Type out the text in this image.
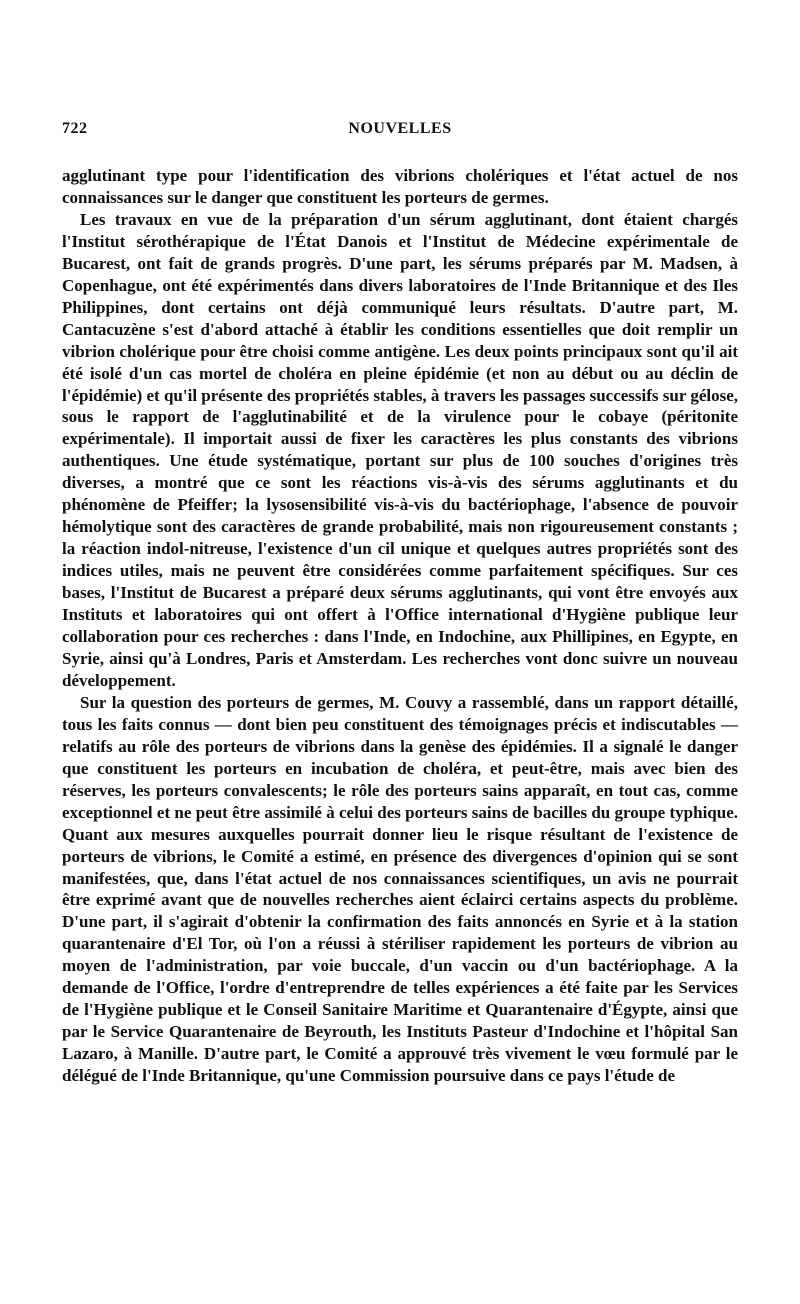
722	NOUVELLES

agglutinant type pour l'identification des vibrions cholériques et l'état actuel de nos connaissances sur le danger que constituent les porteurs de germes.

Les travaux en vue de la préparation d'un sérum agglutinant, dont étaient chargés l'Institut sérothérapique de l'État Danois et l'Institut de Médecine expérimentale de Bucarest, ont fait de grands progrès. D'une part, les sérums préparés par M. Madsen, à Copenhague, ont été expérimentés dans divers laboratoires de l'Inde Britannique et des Iles Philippines, dont certains ont déjà communiqué leurs résultats. D'autre part, M. Cantacuzène s'est d'abord attaché à établir les conditions essentielles que doit remplir un vibrion cholérique pour être choisi comme antigène. Les deux points principaux sont qu'il ait été isolé d'un cas mortel de choléra en pleine épidémie (et non au début ou au déclin de l'épidémie) et qu'il présente des propriétés stables, à travers les passages successifs sur gélose, sous le rapport de l'agglutinabilité et de la virulence pour le cobaye (péritonite expérimentale). Il importait aussi de fixer les caractères les plus constants des vibrions authentiques. Une étude systématique, portant sur plus de 100 souches d'origines très diverses, a montré que ce sont les réactions vis-à-vis des sérums agglutinants et du phénomène de Pfeiffer; la lysosensibilité vis-à-vis du bactériophage, l'absence de pouvoir hémolytique sont des caractères de grande probabilité, mais non rigoureusement constants ; la réaction indol-nitreuse, l'existence d'un cil unique et quelques autres propriétés sont des indices utiles, mais ne peuvent être considérées comme parfaitement spécifiques. Sur ces bases, l'Institut de Bucarest a préparé deux sérums agglutinants, qui vont être envoyés aux Instituts et laboratoires qui ont offert à l'Office international d'Hygiène publique leur collaboration pour ces recherches : dans l'Inde, en Indochine, aux Phillipines, en Egypte, en Syrie, ainsi qu'à Londres, Paris et Amsterdam. Les recherches vont donc suivre un nouveau développement.

Sur la question des porteurs de germes, M. Couvy a rassemblé, dans un rapport détaillé, tous les faits connus — dont bien peu constituent des témoignages précis et indiscutables — relatifs au rôle des porteurs de vibrions dans la genèse des épidémies. Il a signalé le danger que constituent les porteurs en incubation de choléra, et peut-être, mais avec bien des réserves, les porteurs convalescents; le rôle des porteurs sains apparaît, en tout cas, comme exceptionnel et ne peut être assimilé à celui des porteurs sains de bacilles du groupe typhique. Quant aux mesures auxquelles pourrait donner lieu le risque résultant de l'existence de porteurs de vibrions, le Comité a estimé, en présence des divergences d'opinion qui se sont manifestées, que, dans l'état actuel de nos connaissances scientifiques, un avis ne pourrait être exprimé avant que de nouvelles recherches aient éclairci certains aspects du problème. D'une part, il s'agirait d'obtenir la confirmation des faits annoncés en Syrie et à la station quarantenaire d'El Tor, où l'on a réussi à stériliser rapidement les porteurs de vibrion au moyen de l'administration, par voie buccale, d'un vaccin ou d'un bactériophage. A la demande de l'Office, l'ordre d'entreprendre de telles expériences a été faite par les Services de l'Hygiène publique et le Conseil Sanitaire Maritime et Quarantenaire d'Égypte, ainsi que par le Service Quarantenaire de Beyrouth, les Instituts Pasteur d'Indochine et l'hôpital San Lazaro, à Manille. D'autre part, le Comité a approuvé très vivement le vœu formulé par le délégué de l'Inde Britannique, qu'une Commission poursuive dans ce pays l'étude de
